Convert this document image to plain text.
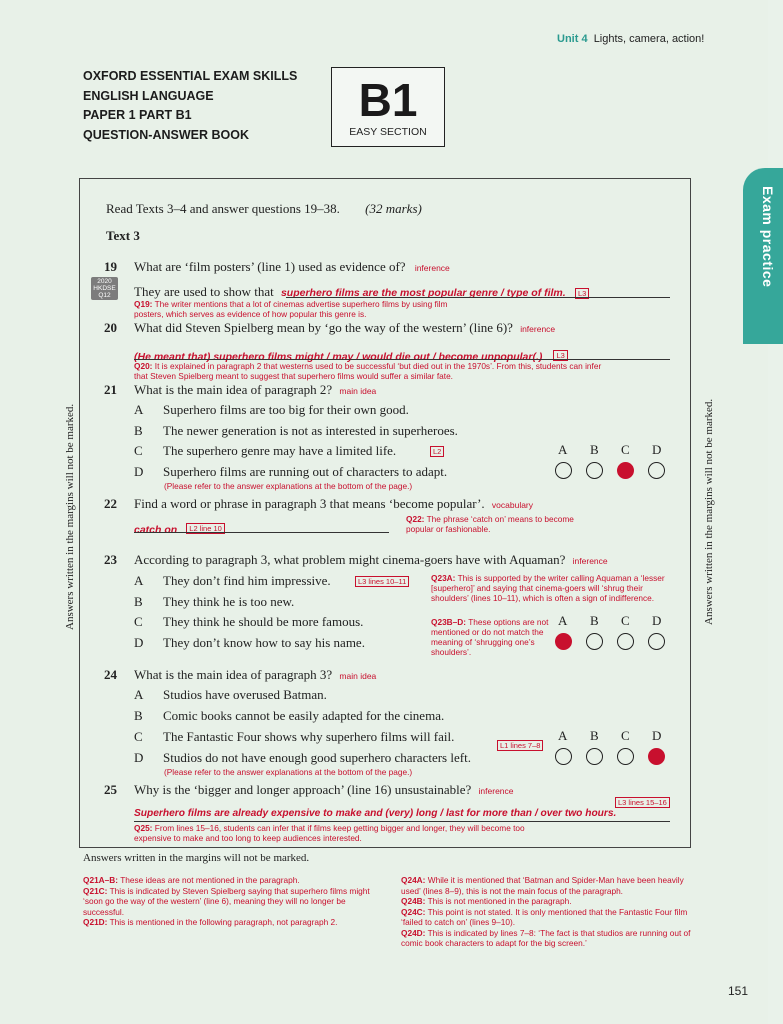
Unit 4 Lights, camera, action!
OXFORD ESSENTIAL EXAM SKILLS
ENGLISH LANGUAGE
PAPER 1 PART B1
QUESTION-ANSWER BOOK
B1
EASY SECTION
Exam practice
Answers written in the margins will not be marked.	Answers written in the margins will not be marked.
Read Texts 3–4 and answer questions 19–38. (32 marks)
Text 3
2020
HKDSE
Q12
19 What are ‘film posters’ (line 1) used as evidence of? inference
They are used to show that superhero films are the most popular genre / type of film. L3
Q19: The writer mentions that a lot of cinemas advertise superhero films by using film posters, which serves as evidence of how popular this genre is.
20 What did Steven Spielberg mean by ‘go the way of the western’ (line 6)? inference
(He meant that) superhero films might / may / would die out / become unpopular(.) L3
Q20: It is explained in paragraph 2 that westerns used to be successful ‘but died out in the 1970s’. From this, students can infer that Steven Spielberg meant to suggest that superhero films would suffer a similar fate.
21 What is the main idea of paragraph 2? main idea
A Superhero films are too big for their own good.
B The newer generation is not as interested in superheroes.
C The superhero genre may have a limited life.	L2
D Superhero films are running out of characters to adapt.
(Please refer to the answer explanations at the bottom of the page.)
A B C D
22 Find a word or phrase in paragraph 3 that means ‘become popular’. vocabulary
catch on L2 line 10
Q22: The phrase ‘catch on’ means to become popular or fashionable.
23 According to paragraph 3, what problem might cinema-goers have with Aquaman? inference
A They don’t find him impressive.	L3 lines 10–11
B They think he is too new.
C They think he should be more famous.
D They don’t know how to say his name.
Q23A: This is supported by the writer calling Aquaman a ‘lesser [superhero]’ and saying that cinema-goers will ‘shrug their shoulders’ (lines 10–11), which is often a sign of indifference.
Q23B–D: These options are not mentioned or do not match the meaning of ‘shrugging one’s shoulders’.
A B C D
24 What is the main idea of paragraph 3? main idea
A Studios have overused Batman.
B Comic books cannot be easily adapted for the cinema.
C The Fantastic Four shows why superhero films will fail.
L1 lines 7–8
D Studios do not have enough good superhero characters left.
(Please refer to the answer explanations at the bottom of the page.)
A B C D
25 Why is the ‘bigger and longer approach’ (line 16) unsustainable? inference
L3 lines 15–16
Superhero films are already expensive to make and (very) long / last for more than / over two hours.
Q25: From lines 15–16, students can infer that if films keep getting bigger and longer, they will become too expensive to make and too long to keep audiences interested.
Answers written in the margins will not be marked.
Q21A–B: These ideas are not mentioned in the paragraph.
Q21C: This is indicated by Steven Spielberg saying that superhero films might ‘soon go the way of the western’ (line 6), meaning they will no longer be successful.
Q21D: This is mentioned in the following paragraph, not paragraph 2.
Q24A: While it is mentioned that ‘Batman and Spider-Man have been heavily used’ (lines 8–9), this is not the main focus of the paragraph.
Q24B: This is not mentioned in the paragraph.
Q24C: This point is not stated. It is only mentioned that the Fantastic Four film ‘failed to catch on’ (lines 9–10).
Q24D: This is indicated by lines 7–8: ‘The fact is that studios are running out of comic book characters to adapt for the big screen.’
151
